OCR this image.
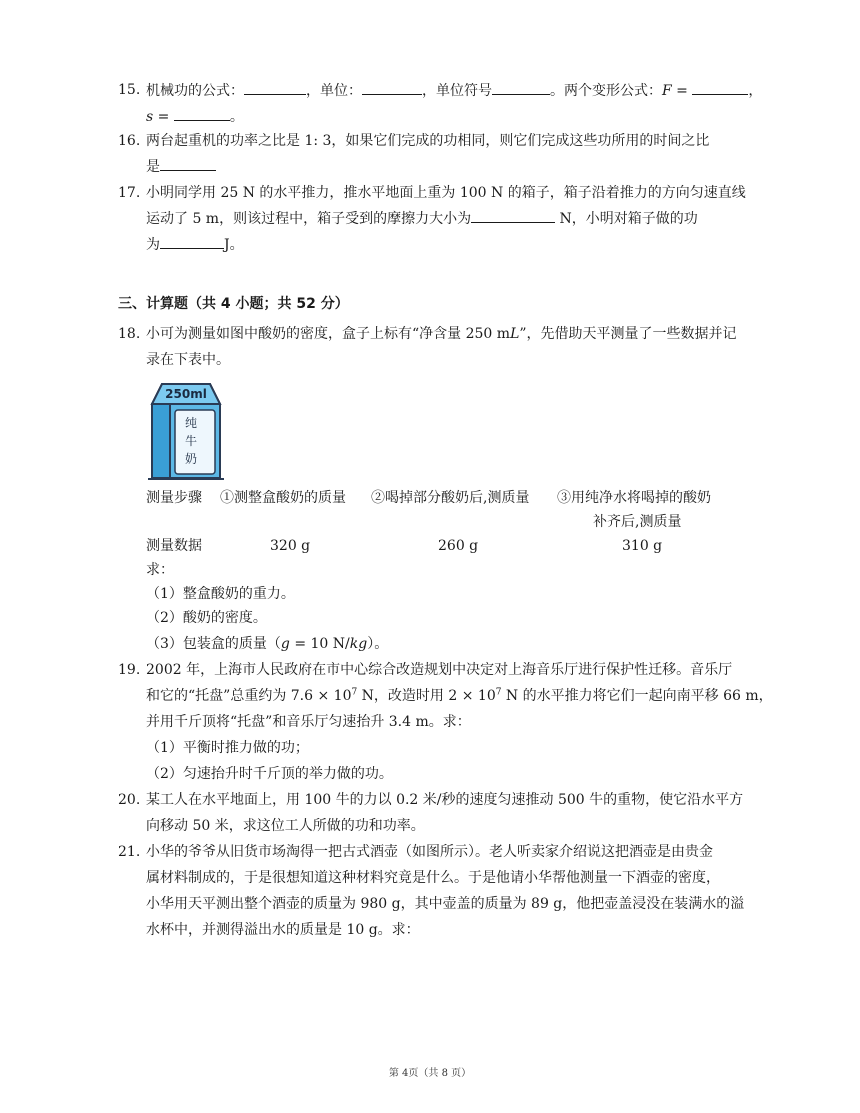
15. 机械功的公式：	，单位：	，单位符号	。两个变形公式：F =	，
s =	。
16. 两台起重机的功率之比是 1: 3，如果它们完成的功相同，则它们完成这些功所用的时间之比
是
17. 小明同学用 25 N 的水平推力，推水平地面上重为 100 N 的箱子，箱子沿着推力的方向匀速直线
运动了 5 m，则该过程中，箱子受到的摩擦力大小为	N，小明对箱子做的功
为	J。
三、计算题（共 4 小题；共 52 分）
18. 小可为测量如图中酸奶的密度，盒子上标有“净含量 250 mL”，先借助天平测量了一些数据并记
录在下表中。
250ml
纯
牛
奶
测量步骤 ①测整盒酸奶的质量 ②喝掉部分酸奶后,测质量 ③用纯净水将喝掉的酸奶
补齐后,测质量
测量数据	320 g	260 g	310 g
求：
（1）整盒酸奶的重力。
（2）酸奶的密度。
（3）包装盒的质量（g = 10 N/kg）。
19. 2002 年，上海市人民政府在市中心综合改造规划中决定对上海音乐厅进行保护性迁移。音乐厅
和它的“托盘”总重约为 $7.6 \times 10^7$ N，改造时用 $2 \times 10^7$ N 的水平推力将它们一起向南平移 66 m，
并用千斤顶将“托盘”和音乐厅匀速抬升 3.4 m。求：
（1）平衡时推力做的功；
（2）匀速抬升时千斤顶的举力做的功。
20. 某工人在水平地面上，用 100 牛的力以 0.2 米/秒的速度匀速推动 500 牛的重物，使它沿水平方
向移动 50 米，求这位工人所做的功和功率。
21. 小华的爷爷从旧货市场淘得一把古式酒壶（如图所示）。老人听卖家介绍说这把酒壶是由贵金
属材料制成的，于是很想知道这种材料究竟是什么。于是他请小华帮他测量一下酒壶的密度，
小华用天平测出整个酒壶的质量为 980 g，其中壶盖的质量为 89 g，他把壶盖浸没在装满水的溢
水杯中，并测得溢出水的质量是 10 g。求：
第 4页（共 8 页）
